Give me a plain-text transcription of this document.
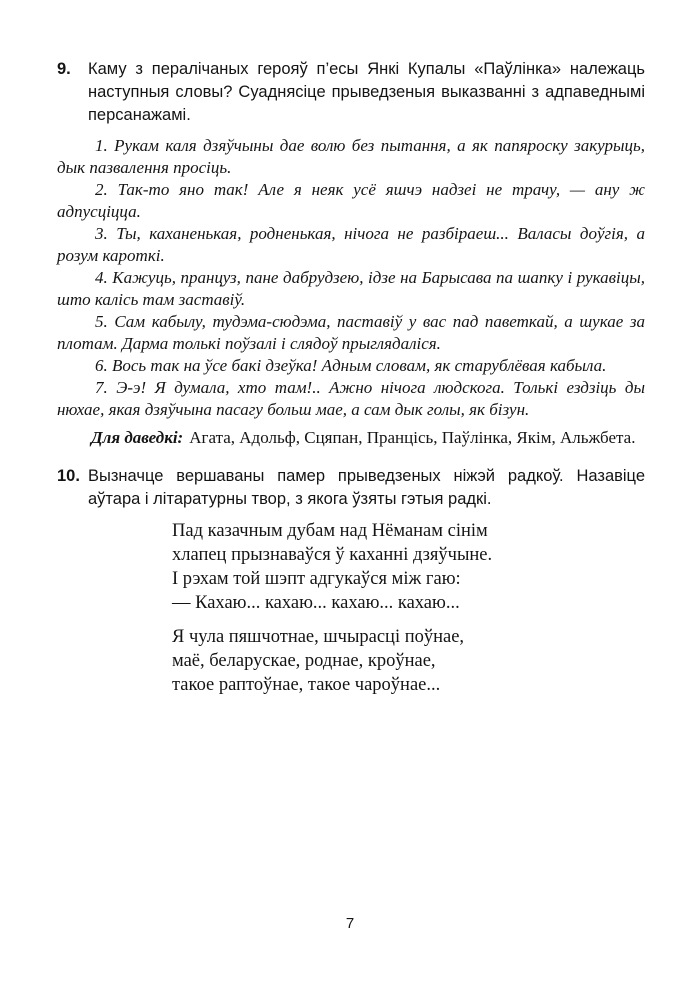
9.	Каму з пералічаных герояў п’есы Янкі Купалы «Паўлінка» належаць наступныя словы? Суаднясіце прыведзеныя выказванні з адпаведнымі персанажамі.

1. Рукам каля дзяўчыны дае волю без пытання, а як папяроску закурыць, дык пазвалення просіць.

2. Так-то яно так! Але я неяк усё яшчэ надзеі не трачу, — ану ж адпусціцца.

3. Ты, каханенькая, родненькая, нічога не разбіраеш... Валасы доўгія, а розум кароткі.

4. Кажуць, пранцуз, пане дабрудзею, ідзе на Барысава па шапку і рукавіцы, што калісь там заставіў.

5. Сам кабылу, тудэма-сюдэма, паставіў у вас пад паветкай, а шукае за плотам. Дарма толькі поўзалі і слядоў прыглядаліся.

6. Вось так на ўсе бакі дзеўка! Адным словам, як старублёвая кабыла.

7. Э-э! Я думала, хто там!.. Ажно нічога людскога. Толькі ездзіць ды нюхае, якая дзяўчына пасагу больш мае, а сам дык голы, як бізун.

Для даведкі: Агата, Адольф, Сцяпан, Пранцісь, Паўлінка, Якім, Альжбета.

10. Вызначце вершаваны памер прыведзеных ніжэй радкоў. Назавіце аўтара і літаратурны твор, з якога ўзяты гэтыя радкі.

Пад казачным дубам над Нёманам сінім

хлапец прызнаваўся ў каханні дзяўчыне.

І рэхам той шэпт адгукаўся між гаю:

— Кахаю... кахаю... кахаю... кахаю...

Я чула пяшчотнае, шчырасці поўнае,

маё, беларускае, роднае, кроўнае,

такое раптоўнае, такое чароўнае...

7
